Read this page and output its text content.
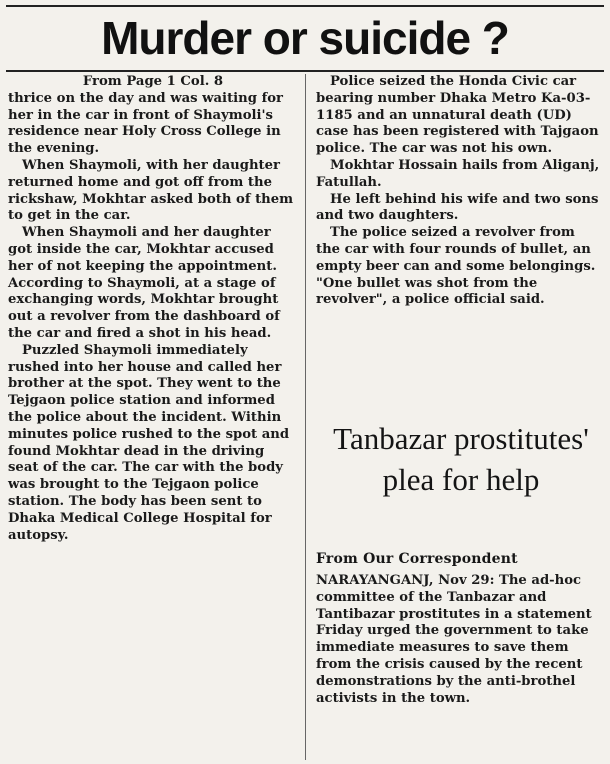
Murder or suicide ?

From Page 1 Col. 8

thrice on the day and was waiting for her in the car in front of Shaymoli's residence near Holy Cross College in the evening.

When Shaymoli, with her daughter returned home and got off from the rickshaw, Mokhtar asked both of them to get in the car.

When Shaymoli and her daughter got inside the car, Mokhtar accused her of not keeping the appointment. According to Shaymoli, at a stage of exchanging words, Mokhtar brought out a revolver from the dashboard of the car and fired a shot in his head.

Puzzled Shaymoli immediately rushed into her house and called her brother at the spot. They went to the Tejgaon police station and informed the police about the incident. Within minutes police rushed to the spot and found Mokhtar dead in the driving seat of the car. The car with the body was brought to the Tejgaon police station. The body has been sent to Dhaka Medical College Hospital for autopsy.

Police seized the Honda Civic car bearing number Dhaka Metro Ka-03-1185 and an unnatural death (UD) case has been registered with Tajgaon police. The car was not his own.

Mokhtar Hossain hails from Aliganj, Fatullah.

He left behind his wife and two sons and two daughters.

The police seized a revolver from the car with four rounds of bullet, an empty beer can and some belongings. "One bullet was shot from the revolver", a police official said.

Tanbazar prostitutes' plea for help
From Our Correspondent
NARAYANGANJ, Nov 29: The ad-hoc committee of the Tanbazar and Tantibazar prostitutes in a statement Friday urged the government to take immediate measures to save them from the crisis caused by the recent demonstrations by the anti-brothel activists in the town.
